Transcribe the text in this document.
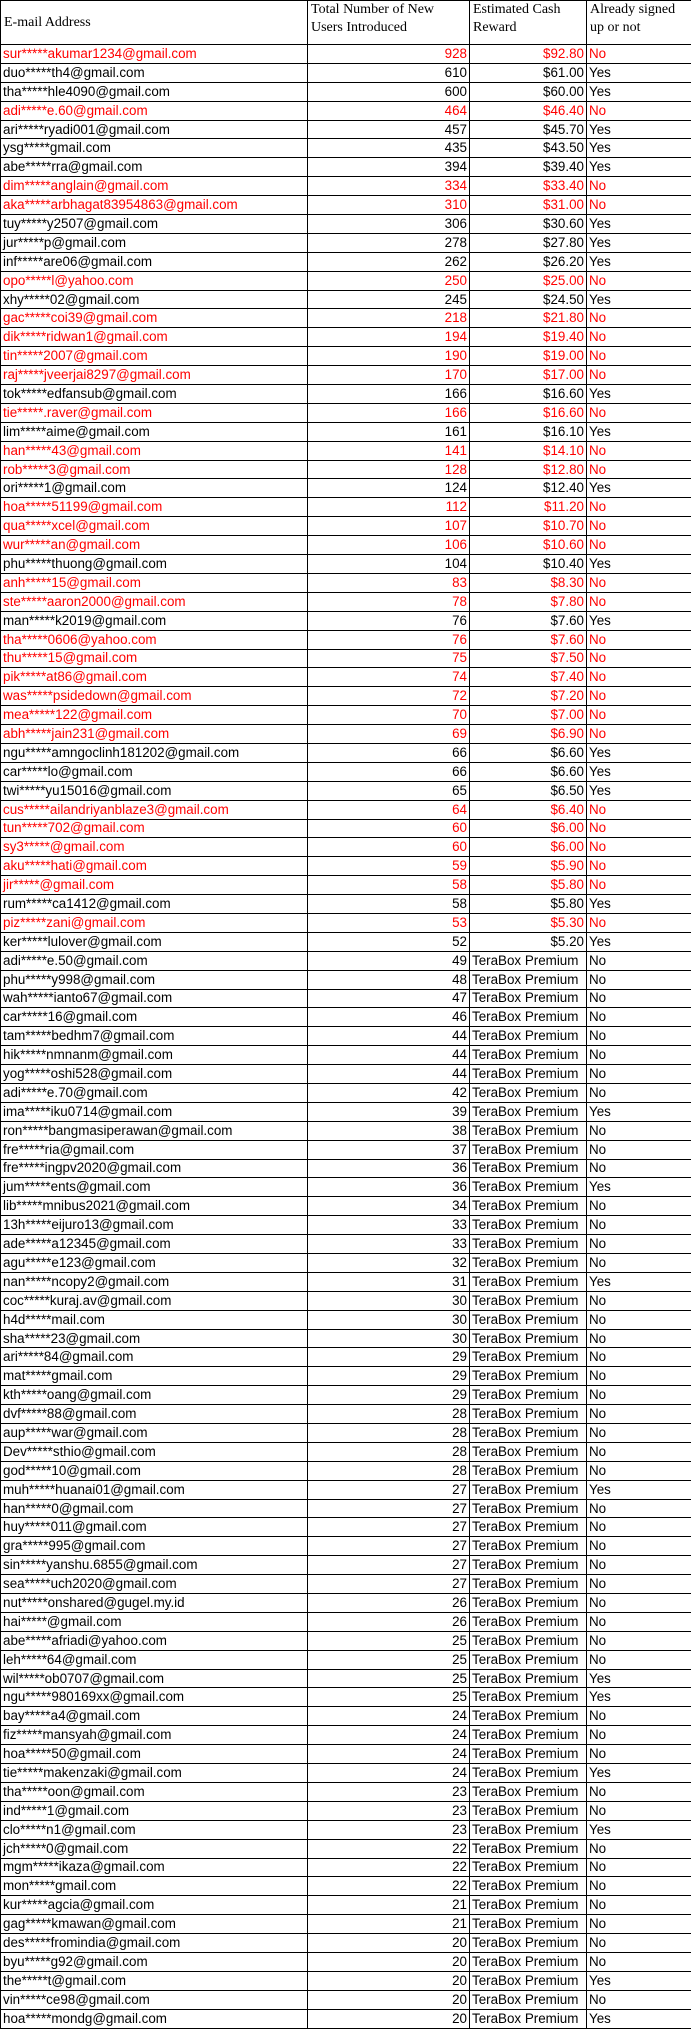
E-mail Address	Total Number of New Users Introduced	Estimated Cash Reward	Already signed up or not
sur*****akumar1234@gmail.com	928	$92.80	No
duo*****th4@gmail.com	610	$61.00	Yes
tha*****hle4090@gmail.com	600	$60.00	Yes
adi*****e.60@gmail.com	464	$46.40	No
ari*****ryadi001@gmail.com	457	$45.70	Yes
ysg*****gmail.com	435	$43.50	Yes
abe*****rra@gmail.com	394	$39.40	Yes
dim*****anglain@gmail.com	334	$33.40	No
aka*****arbhagat83954863@gmail.com	310	$31.00	No
tuy*****y2507@gmail.com	306	$30.60	Yes
jur*****p@gmail.com	278	$27.80	Yes
inf*****are06@gmail.com	262	$26.20	Yes
opo*****l@yahoo.com	250	$25.00	No
xhy*****02@gmail.com	245	$24.50	Yes
gac*****coi39@gmail.com	218	$21.80	No
dik*****ridwan1@gmail.com	194	$19.40	No
tin*****2007@gmail.com	190	$19.00	No
raj*****jveerjai8297@gmail.com	170	$17.00	No
tok*****edfansub@gmail.com	166	$16.60	Yes
tie*****.raver@gmail.com	166	$16.60	No
lim*****aime@gmail.com	161	$16.10	Yes
han*****43@gmail.com	141	$14.10	No
rob*****3@gmail.com	128	$12.80	No
ori*****1@gmail.com	124	$12.40	Yes
hoa*****51199@gmail.com	112	$11.20	No
qua*****xcel@gmail.com	107	$10.70	No
wur*****an@gmail.com	106	$10.60	No
phu*****thuong@gmail.com	104	$10.40	Yes
anh*****15@gmail.com	83	$8.30	No
ste*****aaron2000@gmail.com	78	$7.80	No
man*****k2019@gmail.com	76	$7.60	Yes
tha*****0606@yahoo.com	76	$7.60	No
thu*****15@gmail.com	75	$7.50	No
pik*****at86@gmail.com	74	$7.40	No
was*****psidedown@gmail.com	72	$7.20	No
mea*****122@gmail.com	70	$7.00	No
abh*****jain231@gmail.com	69	$6.90	No
ngu*****amngoclinh181202@gmail.com	66	$6.60	Yes
car*****lo@gmail.com	66	$6.60	Yes
twi*****yu15016@gmail.com	65	$6.50	Yes
cus*****ailandriyanblaze3@gmail.com	64	$6.40	No
tun*****702@gmail.com	60	$6.00	No
sy3*****@gmail.com	60	$6.00	No
aku*****hati@gmail.com	59	$5.90	No
jir*****@gmail.com	58	$5.80	No
rum*****ca1412@gmail.com	58	$5.80	Yes
piz*****zani@gmail.com	53	$5.30	No
ker*****lulover@gmail.com	52	$5.20	Yes
adi*****e.50@gmail.com	49	TeraBox Premium	No
phu*****y998@gmail.com	48	TeraBox Premium	No
wah*****ianto67@gmail.com	47	TeraBox Premium	No
car*****16@gmail.com	46	TeraBox Premium	No
tam*****bedhm7@gmail.com	44	TeraBox Premium	No
hik*****nmnanm@gmail.com	44	TeraBox Premium	No
yog*****oshi528@gmail.com	44	TeraBox Premium	No
adi*****e.70@gmail.com	42	TeraBox Premium	No
ima*****iku0714@gmail.com	39	TeraBox Premium	Yes
ron*****bangmasiperawan@gmail.com	38	TeraBox Premium	No
fre*****ria@gmail.com	37	TeraBox Premium	No
fre*****ingpv2020@gmail.com	36	TeraBox Premium	No
jum*****ents@gmail.com	36	TeraBox Premium	Yes
lib*****mnibus2021@gmail.com	34	TeraBox Premium	No
13h*****eijuro13@gmail.com	33	TeraBox Premium	No
ade*****a12345@gmail.com	33	TeraBox Premium	No
agu*****e123@gmail.com	32	TeraBox Premium	No
nan*****ncopy2@gmail.com	31	TeraBox Premium	Yes
coc*****kuraj.av@gmail.com	30	TeraBox Premium	No
h4d*****mail.com	30	TeraBox Premium	No
sha*****23@gmail.com	30	TeraBox Premium	No
ari*****84@gmail.com	29	TeraBox Premium	No
mat*****gmail.com	29	TeraBox Premium	No
kth*****oang@gmail.com	29	TeraBox Premium	No
dvf*****88@gmail.com	28	TeraBox Premium	No
aup*****war@gmail.com	28	TeraBox Premium	No
Dev*****sthio@gmail.com	28	TeraBox Premium	No
god*****10@gmail.com	28	TeraBox Premium	No
muh*****huanai01@gmail.com	27	TeraBox Premium	Yes
han*****0@gmail.com	27	TeraBox Premium	No
huy*****011@gmail.com	27	TeraBox Premium	No
gra*****995@gmail.com	27	TeraBox Premium	No
sin*****yanshu.6855@gmail.com	27	TeraBox Premium	No
sea*****uch2020@gmail.com	27	TeraBox Premium	No
nut*****onshared@gugel.my.id	26	TeraBox Premium	No
hai*****@gmail.com	26	TeraBox Premium	No
abe*****afriadi@yahoo.com	25	TeraBox Premium	No
leh*****64@gmail.com	25	TeraBox Premium	No
wil*****ob0707@gmail.com	25	TeraBox Premium	Yes
ngu*****980169xx@gmail.com	25	TeraBox Premium	Yes
bay*****a4@gmail.com	24	TeraBox Premium	No
fiz*****mansyah@gmail.com	24	TeraBox Premium	No
hoa*****50@gmail.com	24	TeraBox Premium	No
tie*****makenzaki@gmail.com	24	TeraBox Premium	Yes
tha*****oon@gmail.com	23	TeraBox Premium	No
ind*****1@gmail.com	23	TeraBox Premium	No
clo*****n1@gmail.com	23	TeraBox Premium	Yes
jch*****0@gmail.com	22	TeraBox Premium	No
mgm*****ikaza@gmail.com	22	TeraBox Premium	No
mon*****gmail.com	22	TeraBox Premium	No
kur*****agcia@gmail.com	21	TeraBox Premium	No
gag*****kmawan@gmail.com	21	TeraBox Premium	No
des*****fromindia@gmail.com	20	TeraBox Premium	No
byu*****g92@gmail.com	20	TeraBox Premium	No
the*****t@gmail.com	20	TeraBox Premium	Yes
vin*****ce98@gmail.com	20	TeraBox Premium	No
hoa*****mondg@gmail.com	20	TeraBox Premium	Yes
